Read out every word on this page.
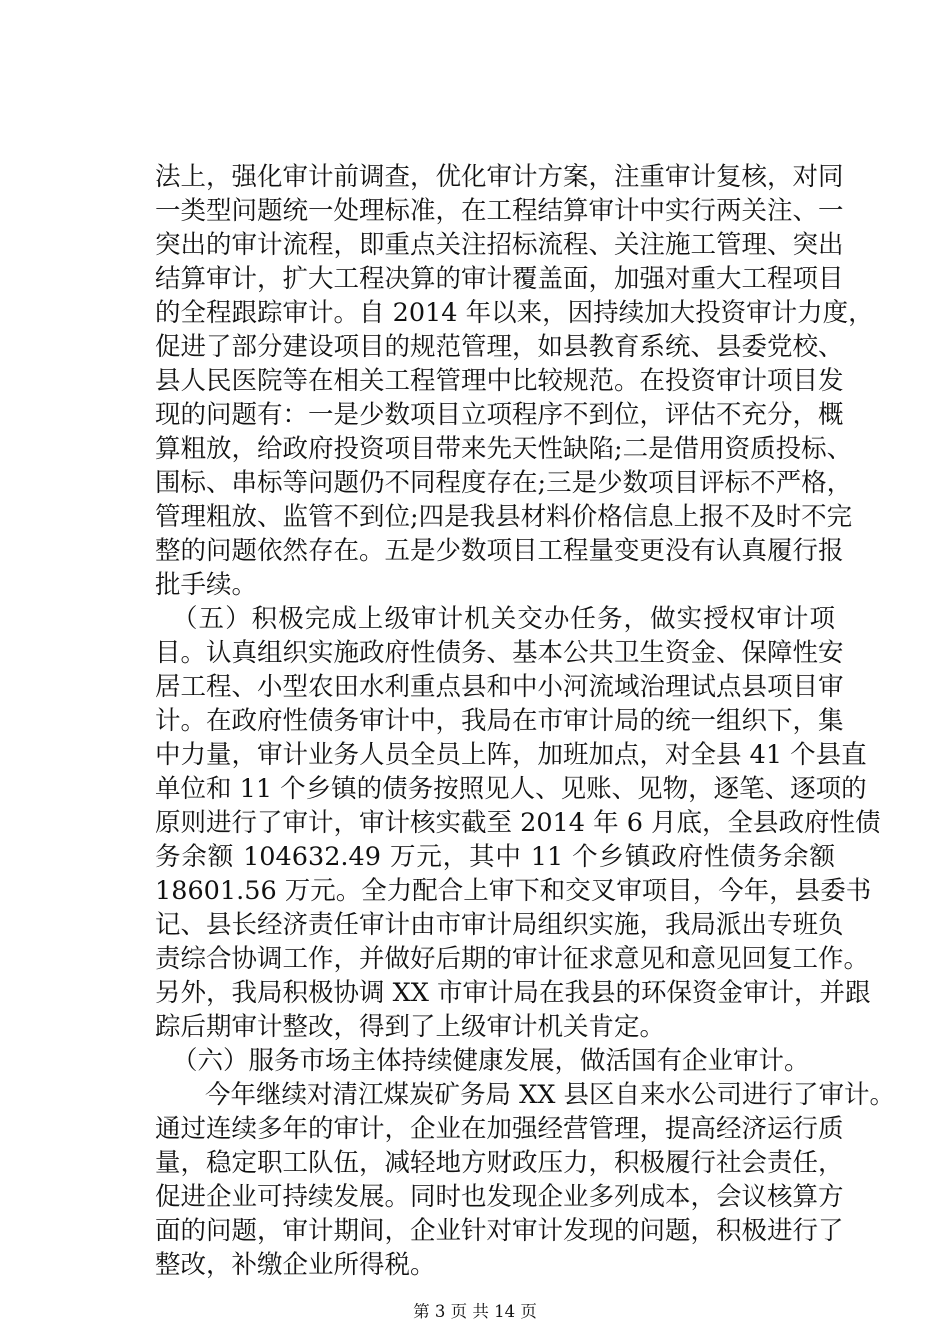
法上，强化审计前调查，优化审计方案，注重审计复核，对同
一类型问题统一处理标准，在工程结算审计中实行两关注、一
突出的审计流程，即重点关注招标流程、关注施工管理、突出
结算审计，扩大工程决算的审计覆盖面，加强对重大工程项目
的全程跟踪审计。自 2014 年以来，因持续加大投资审计力度，
促进了部分建设项目的规范管理，如县教育系统、县委党校、
县人民医院等在相关工程管理中比较规范。在投资审计项目发
现的问题有：一是少数项目立项程序不到位，评估不充分，概
算粗放，给政府投资项目带来先天性缺陷;二是借用资质投标、
围标、串标等问题仍不同程度存在;三是少数项目评标不严格，
管理粗放、监管不到位;四是我县材料价格信息上报不及时不完
整的问题依然存在。五是少数项目工程量变更没有认真履行报
批手续。
（五）积极完成上级审计机关交办任务，做实授权审计项
目。认真组织实施政府性债务、基本公共卫生资金、保障性安
居工程、小型农田水利重点县和中小河流域治理试点县项目审
计。在政府性债务审计中，我局在市审计局的统一组织下，集
中力量，审计业务人员全员上阵，加班加点，对全县 41 个县直
单位和 11 个乡镇的债务按照见人、见账、见物，逐笔、逐项的
原则进行了审计，审计核实截至 2014 年 6 月底，全县政府性债
务余额 104632.49 万元，其中 11 个乡镇政府性债务余额
18601.56 万元。全力配合上审下和交叉审项目，今年，县委书
记、县长经济责任审计由市审计局组织实施，我局派出专班负
责综合协调工作，并做好后期的审计征求意见和意见回复工作。
另外，我局积极协调 XX 市审计局在我县的环保资金审计，并跟
踪后期审计整改，得到了上级审计机关肯定。
（六）服务市场主体持续健康发展，做活国有企业审计。
今年继续对清江煤炭矿务局 XX 县区自来水公司进行了审计。
通过连续多年的审计，企业在加强经营管理，提高经济运行质
量，稳定职工队伍，减轻地方财政压力，积极履行社会责任，
促进企业可持续发展。同时也发现企业多列成本，会议核算方
面的问题，审计期间，企业针对审计发现的问题，积极进行了
整改，补缴企业所得税。
第 3 页 共 14 页
